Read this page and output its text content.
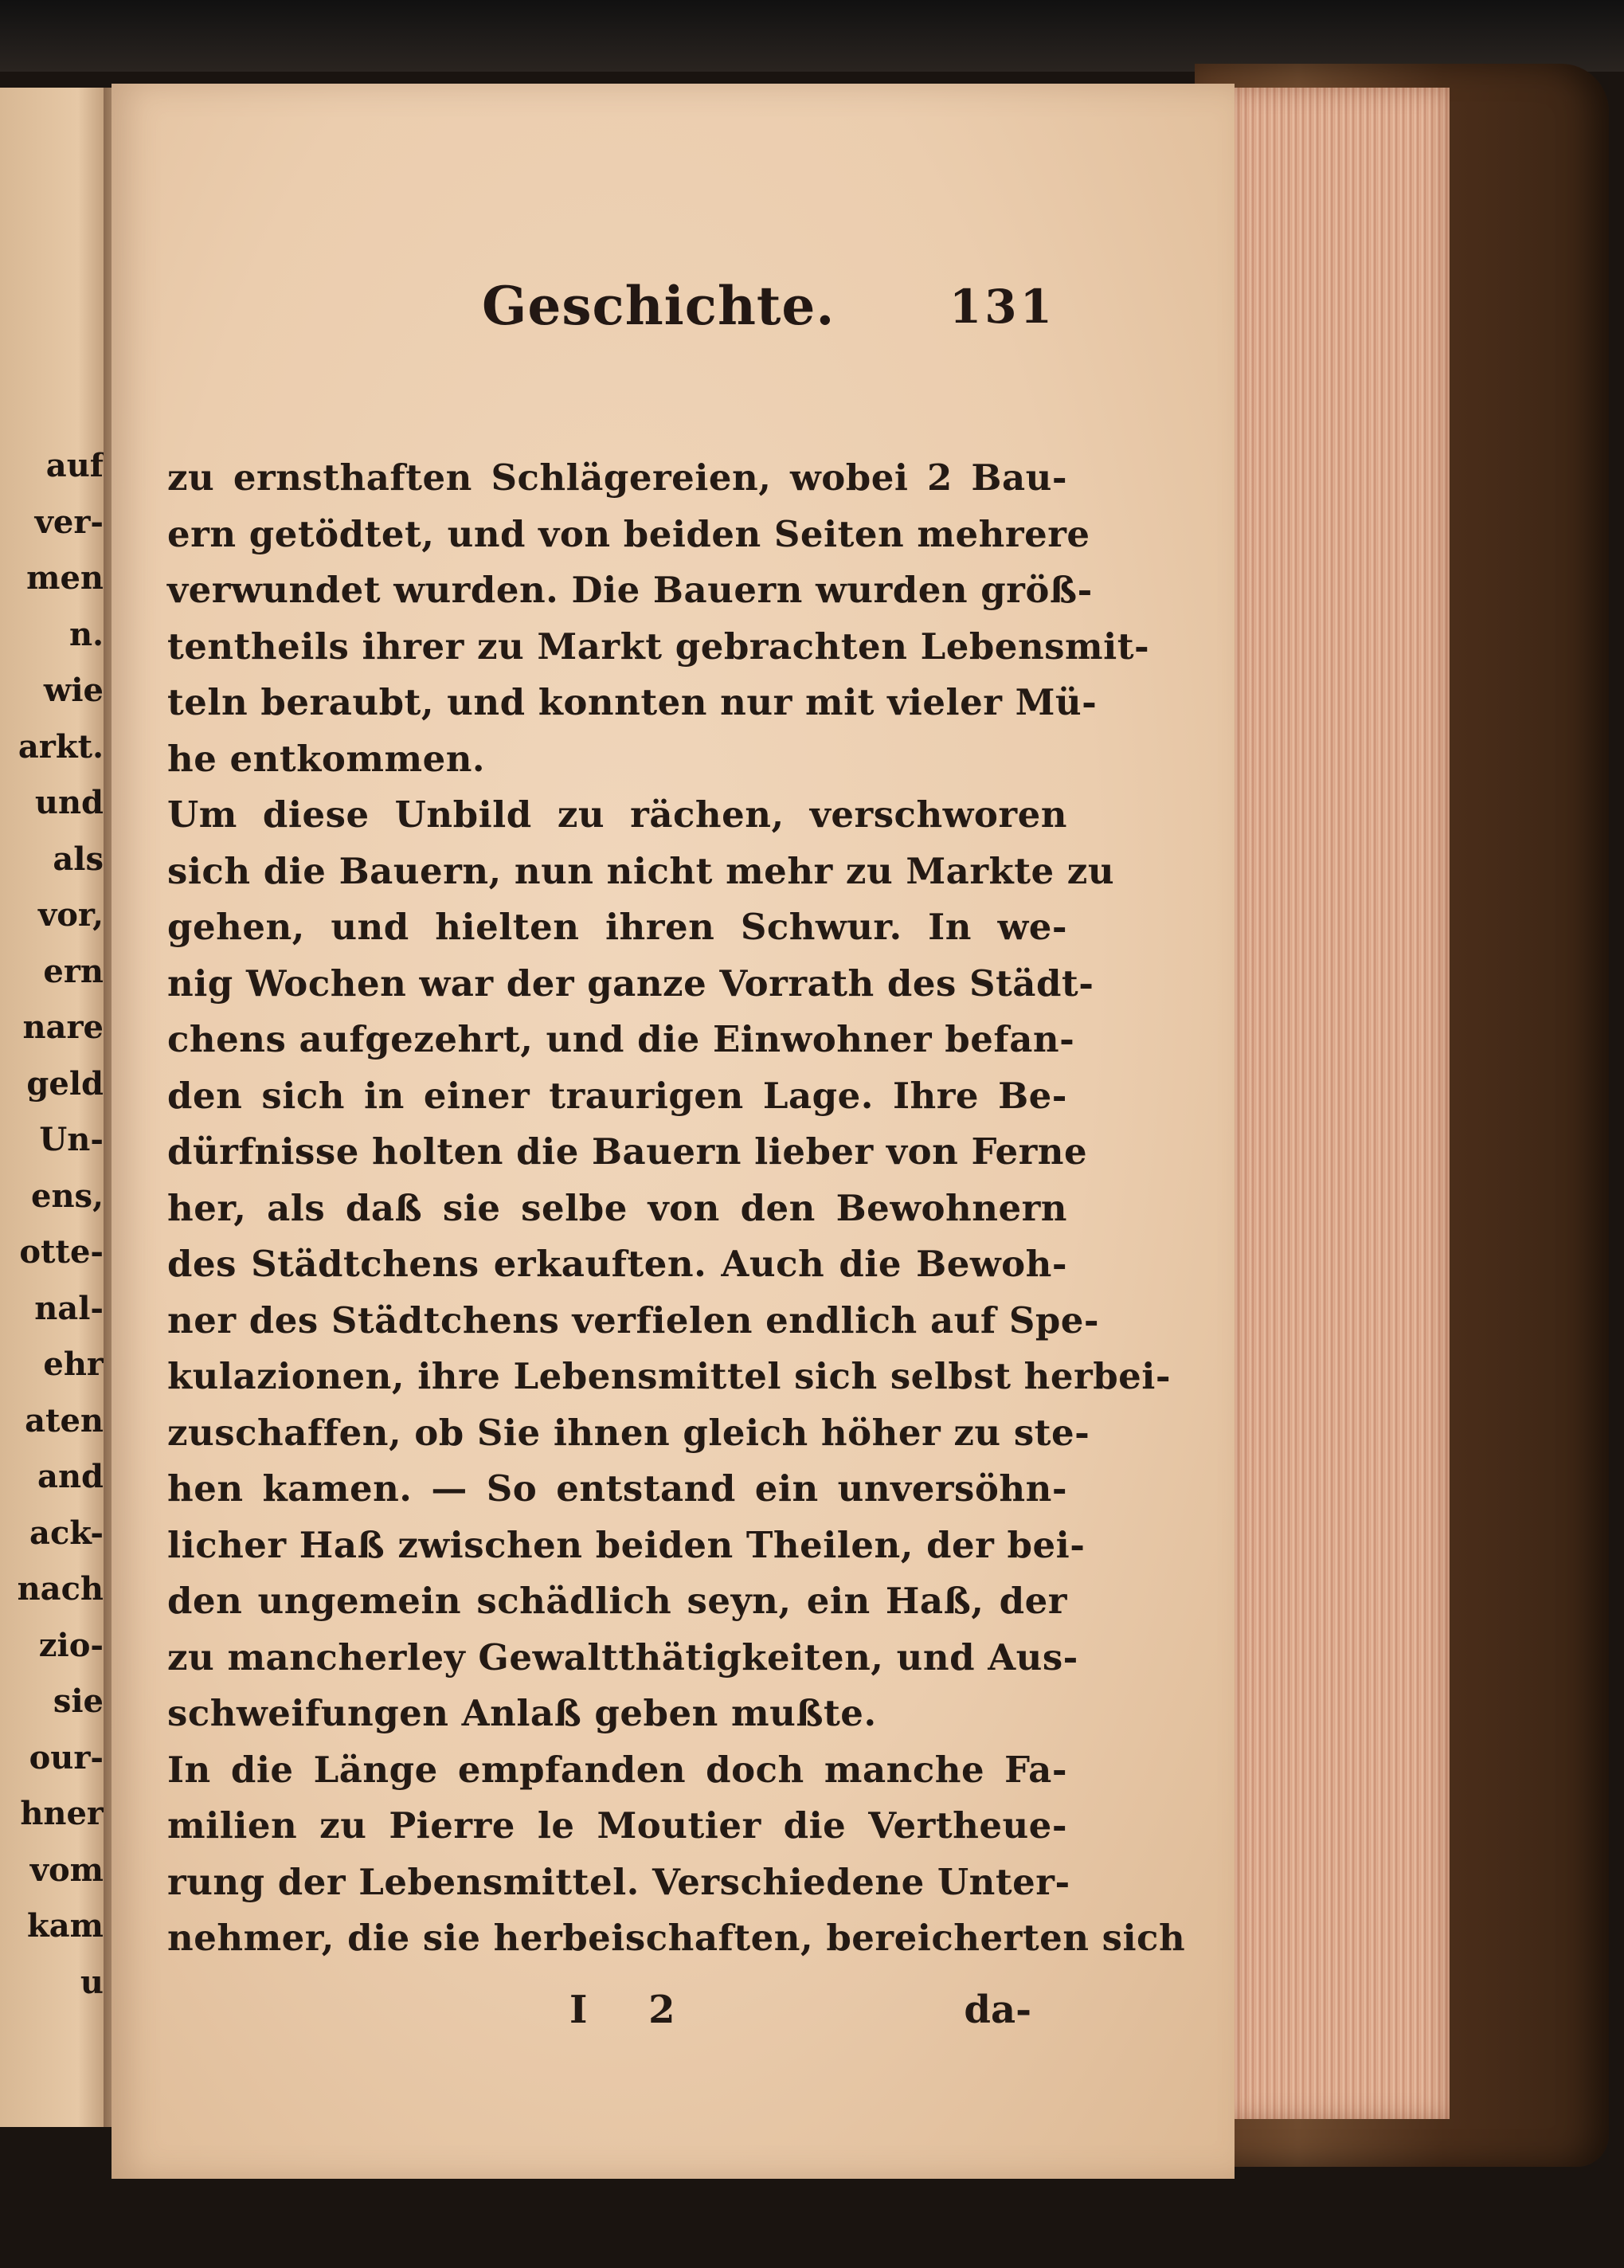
auf
ver-
men
n.
wie
arkt.
und
als
vor,
ern
nare
geld
Un-
ens,
otte-
nal-
ehr
aten
and
ack-
nach
zio-
sie
our-
hner
vom
kam
u
Geschichte. 131
zu ernsthaften Schlägereien, wobei 2 Bau-
ern getödtet, und von beiden Seiten mehrere
verwundet wurden. Die Bauern wurden größ-
tentheils ihrer zu Markt gebrachten Lebensmit-
teln beraubt, und konnten nur mit vieler Mü-
he entkommen.
Um diese Unbild zu rächen, verschworen
sich die Bauern, nun nicht mehr zu Markte zu
gehen, und hielten ihren Schwur. In we-
nig Wochen war der ganze Vorrath des Städt-
chens aufgezehrt, und die Einwohner befan-
den sich in einer traurigen Lage. Ihre Be-
dürfnisse holten die Bauern lieber von Ferne
her, als daß sie selbe von den Bewohnern
des Städtchens erkauften. Auch die Bewoh-
ner des Städtchens verfielen endlich auf Spe-
kulazionen, ihre Lebensmittel sich selbst herbei-
zuschaffen, ob Sie ihnen gleich höher zu ste-
hen kamen. — So entstand ein unversöhn-
licher Haß zwischen beiden Theilen, der bei-
den ungemein schädlich seyn, ein Haß, der
zu mancherley Gewaltthätigkeiten, und Aus-
schweifungen Anlaß geben mußte.
In die Länge empfanden doch manche Fa-
milien zu Pierre le Moutier die Vertheue-
rung der Lebensmittel. Verschiedene Unter-
nehmer, die sie herbeischaften, bereicherten sich
I 2	da-
